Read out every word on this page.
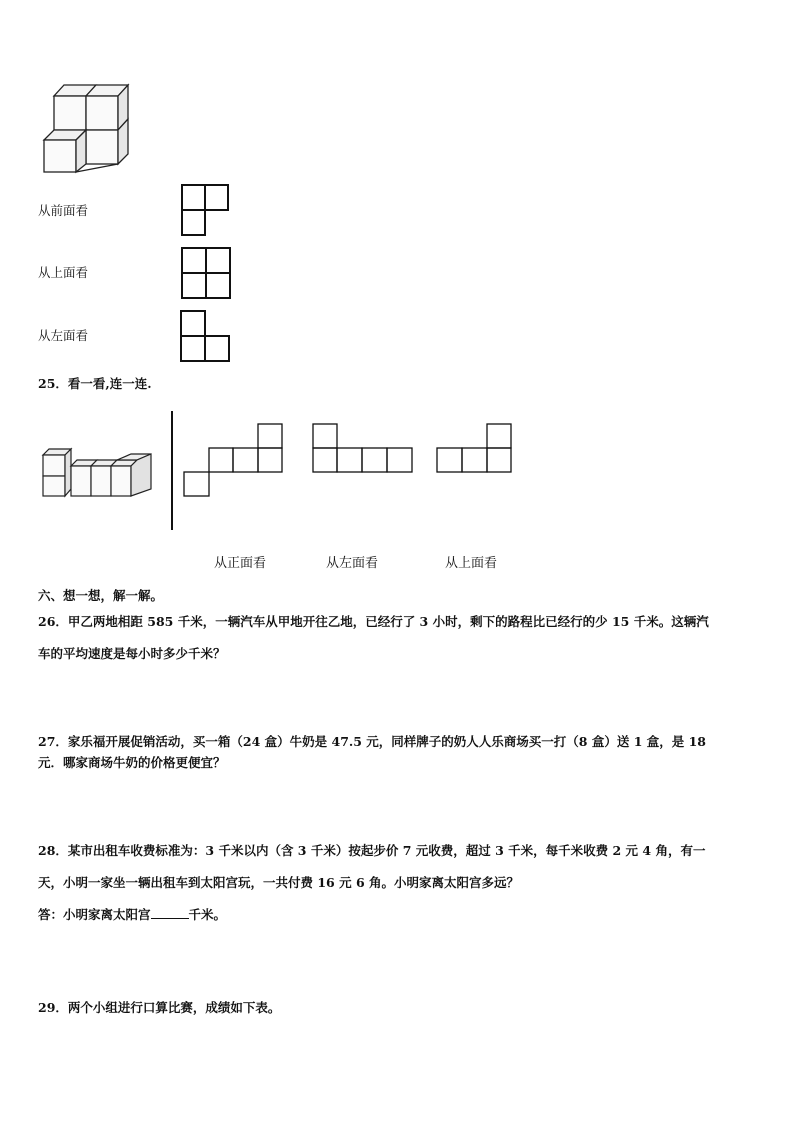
从前面看
从上面看
从左面看
25．看一看,连一连.
从正面看	从左面看	从上面看
六、想一想，解一解。
26．甲乙两地相距 585 千米，一辆汽车从甲地开往乙地，已经行了 3 小时，剩下的路程比已经行的少 15 千米。这辆汽
车的平均速度是每小时多少千米？
27．家乐福开展促销活动，买一箱（24 盒）牛奶是 47.5 元，同样牌子的奶人人乐商场买一打（8 盒）送 1 盒，是 18
元．哪家商场牛奶的价格更便宜？
28．某市出租车收费标准为：3 千米以内（含 3 千米）按起步价 7 元收费，超过 3 千米，每千米收费 2 元 4 角，有一
天，小明一家坐一辆出租车到太阳宫玩，一共付费 16 元 6 角。小明家离太阳宫多远？
答：小明家离太阳宫	千米。
29．两个小组进行口算比赛，成绩如下表。
